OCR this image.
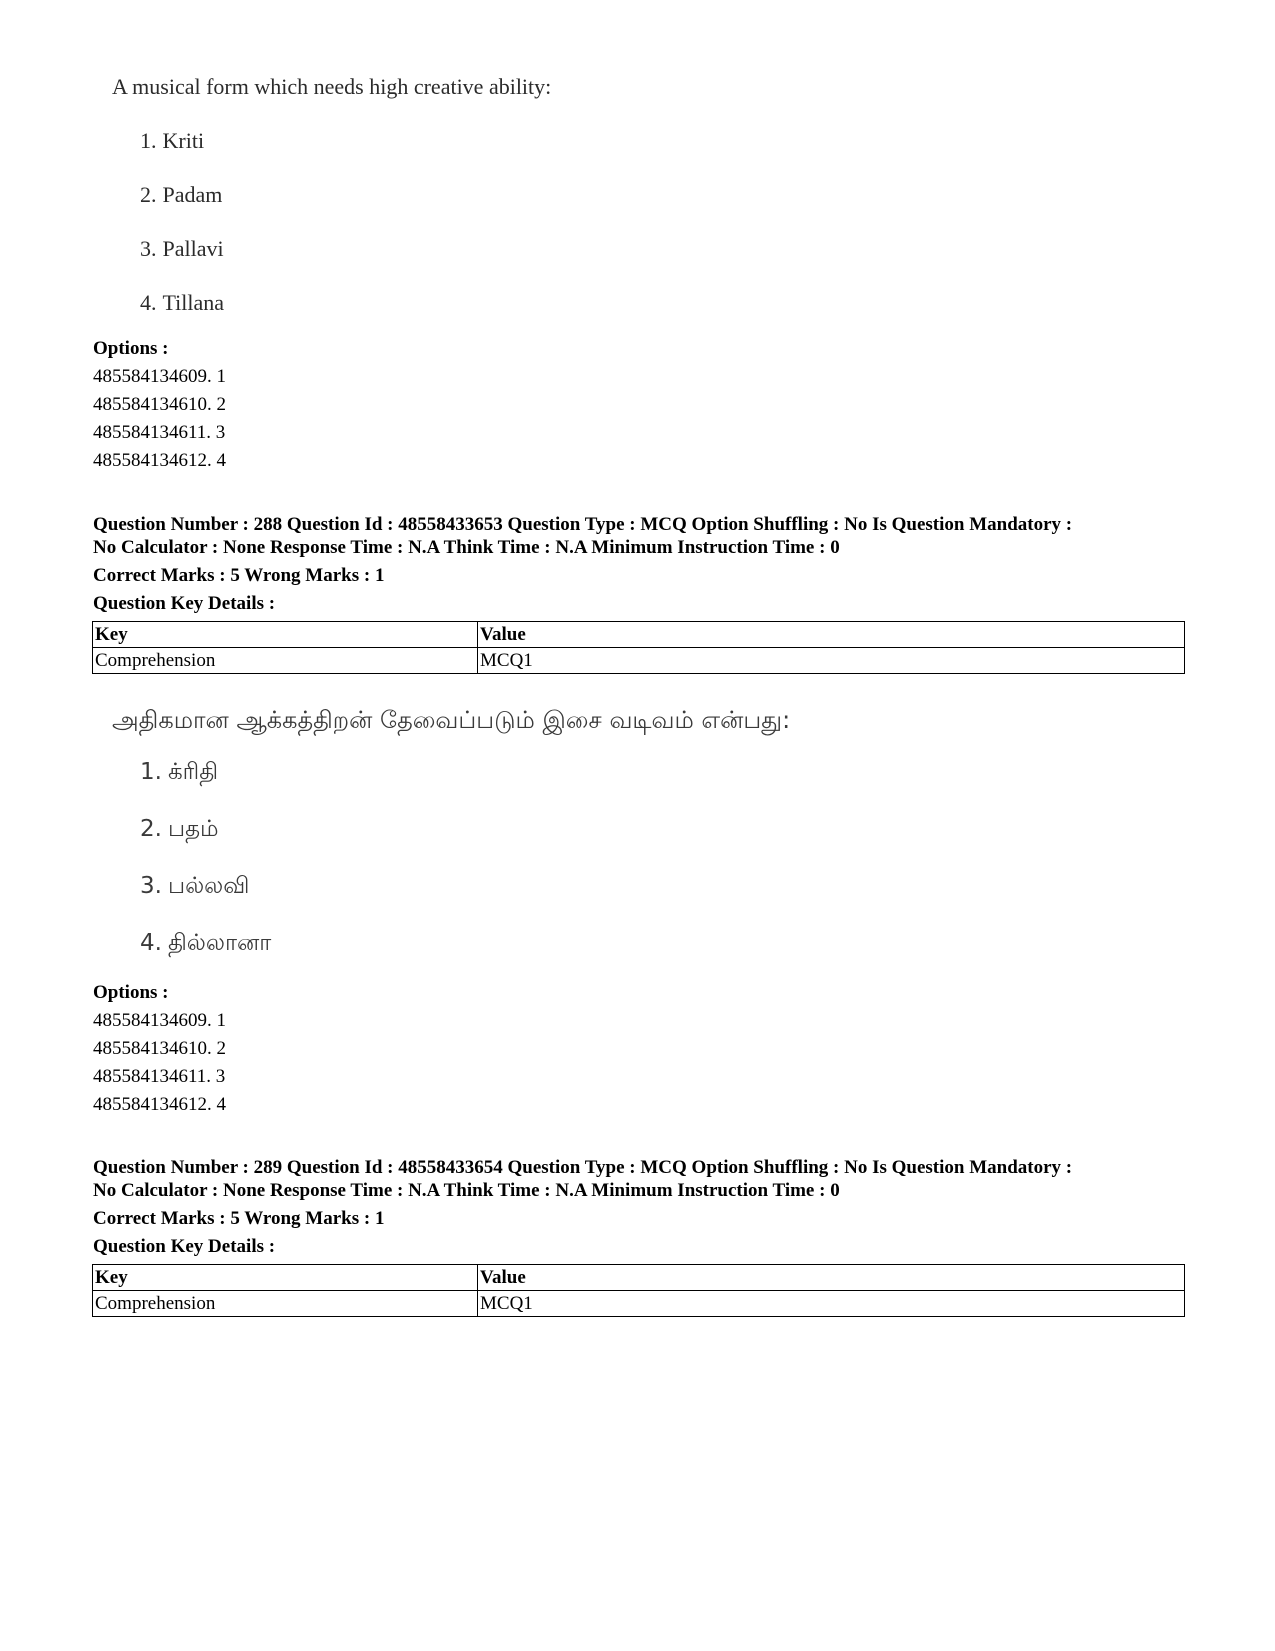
A musical form which needs high creative ability:
1. Kriti
2. Padam
3. Pallavi
4. Tillana
Options :
485584134609. 1
485584134610. 2
485584134611. 3
485584134612. 4
Question Number : 288 Question Id : 48558433653 Question Type : MCQ Option Shuffling : No Is Question Mandatory :
No Calculator : None Response Time : N.A Think Time : N.A Minimum Instruction Time : 0
Correct Marks : 5 Wrong Marks : 1
Question Key Details :
Key	Value
Comprehension	MCQ1
அதிகமான ஆக்கத்திறன் தேவைப்படும் இசை வடிவம் என்பது:
1. க்ரிதி
2. பதம்
3. பல்லவி
4. தில்லானா
Options :
485584134609. 1
485584134610. 2
485584134611. 3
485584134612. 4
Question Number : 289 Question Id : 48558433654 Question Type : MCQ Option Shuffling : No Is Question Mandatory :
No Calculator : None Response Time : N.A Think Time : N.A Minimum Instruction Time : 0
Correct Marks : 5 Wrong Marks : 1
Question Key Details :
Key	Value
Comprehension	MCQ1
